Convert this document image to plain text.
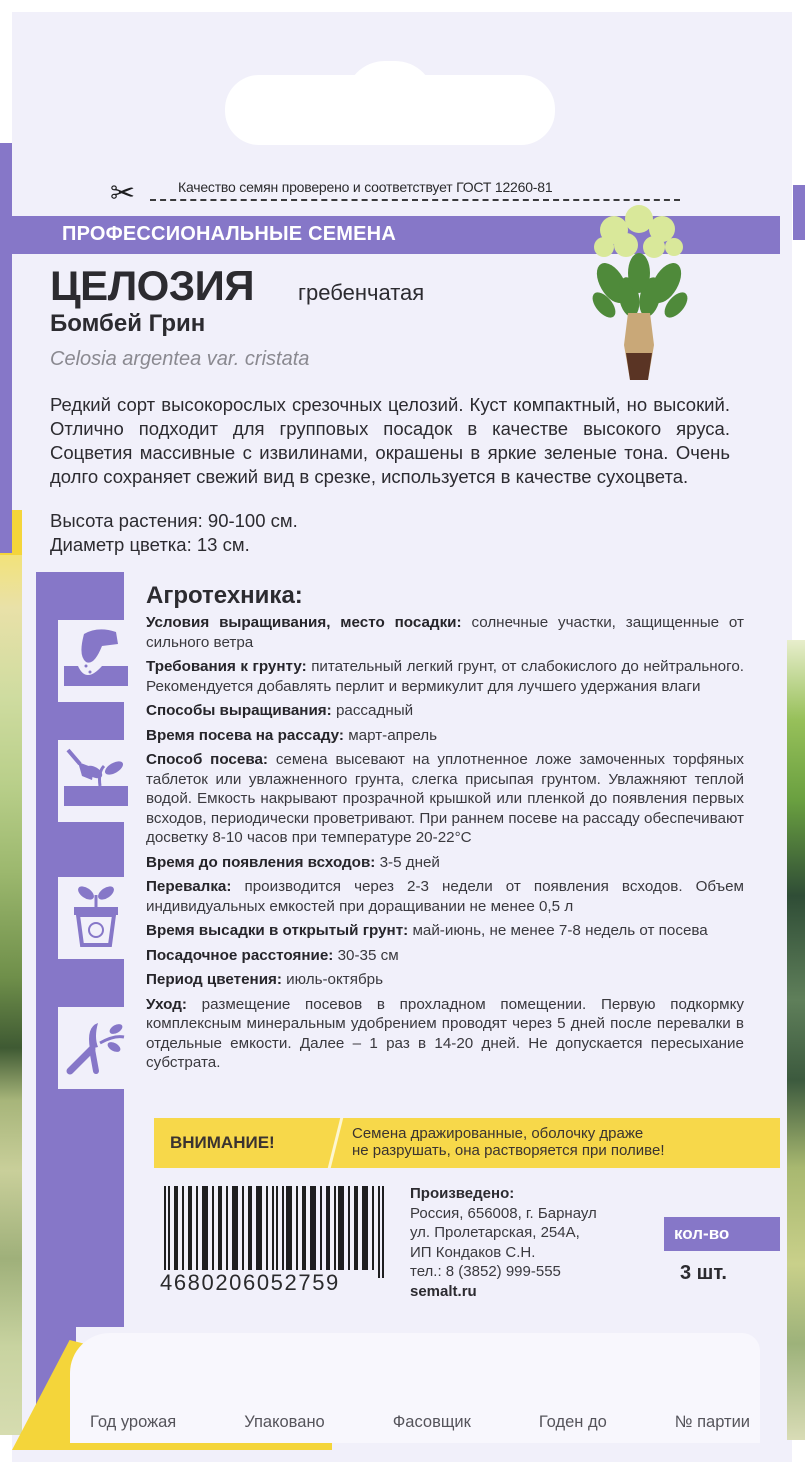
✂	Качество семян проверено и соответствует ГОСТ 12260-81
ПРОФЕССИОНАЛЬНЫЕ СЕМЕНА
ЦЕЛОЗИЯ гребенчатая
Бомбей Грин
Celosia argentea var. cristata
Редкий сорт высокорослых срезочных целозий. Куст компактный, но высокий. Отлично подходит для групповых посадок в качестве высокого яруса. Соцветия массивные с извилинами, окрашены в яркие зеленые тона. Очень долго сохраняет свежий вид в срезке, используется в качестве сухоцвета.
Высота растения: 90-100 см.
Диаметр цветка: 13 см.
Агротехника:
Условия выращивания, место посадки: солнечные участки, защищенные от сильного ветра
Требования к грунту: питательный легкий грунт, от слабокислого до нейтрального. Рекомендуется добавлять перлит и вермикулит для лучшего удержания влаги
Способы выращивания: рассадный
Время посева на рассаду: март-апрель
Способ посева: семена высевают на уплотненное ложе замоченных торфяных таблеток или увлажненного грунта, слегка присыпая грунтом. Увлажняют теплой водой. Емкость накрывают прозрачной крышкой или пленкой до появления первых всходов, периодически проветривают. При раннем посеве на рассаду обеспечивают досветку 8-10 часов при температуре 20-22°С
Время до появления всходов: 3-5 дней
Перевалка: производится через 2-3 недели от появления всходов. Объем индивидуальных емкостей при доращивании не менее 0,5 л
Время высадки в открытый грунт: май-июнь, не менее 7-8 недель от посева
Посадочное расстояние: 30-35 см
Период цветения: июль-октябрь
Уход: размещение посевов в прохладном помещении. Первую подкормку комплексным минеральным удобрением проводят через 5 дней после перевалки в отдельные емкости. Далее – 1 раз в 14-20 дней. Не допускается пересыхание субстрата.
ВНИМАНИЕ!	Семена дражированные, оболочку драже
не разрушать, она растворяется при поливе!
4680206052759
Произведено:
Россия, 656008, г. Барнаул
ул. Пролетарская, 254А,
ИП Кондаков С.Н.
тел.: 8 (3852) 999-555
semalt.ru
кол-во
3 шт.
Год урожая	Упаковано	Фасовщик	Годен до	№ партии
